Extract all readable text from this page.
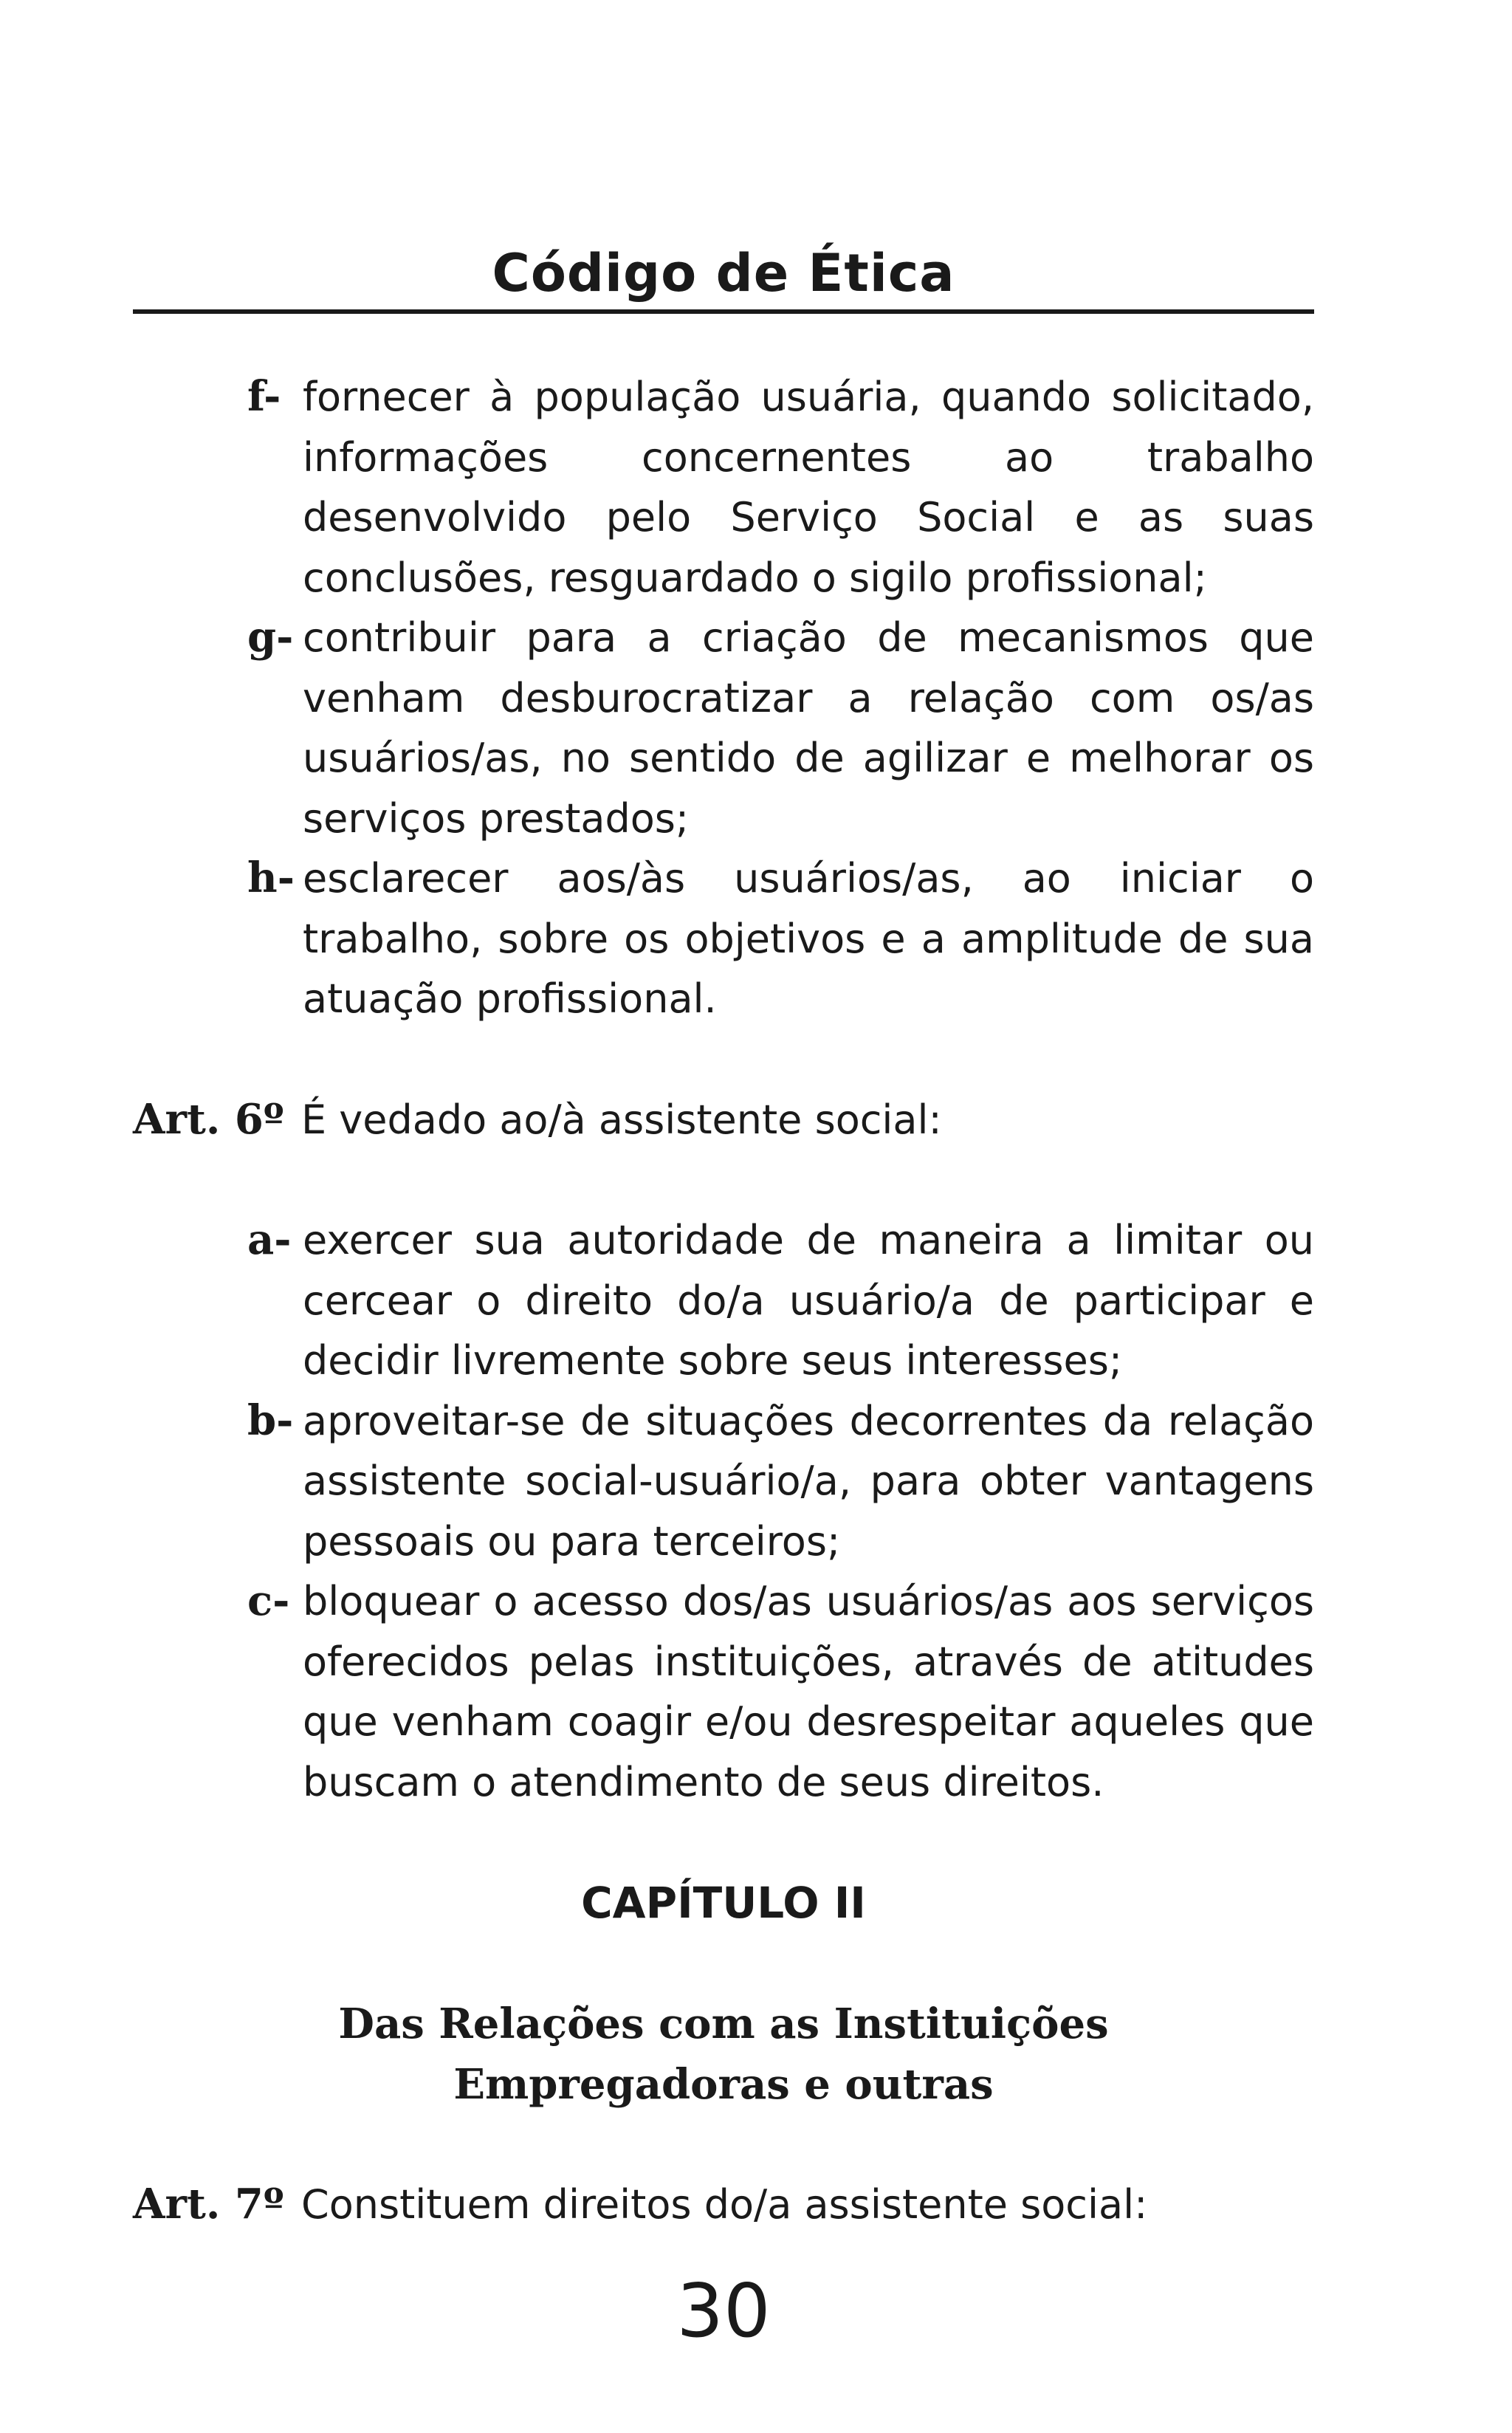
Código de Ética
f- fornecer à população usuária, quando solicitado, informações concernentes ao trabalho desenvolvido pelo Serviço Social e as suas conclusões, resguardado o sigilo profissional;
g- contribuir para a criação de mecanismos que venham desburocratizar a relação com os/as usuários/as, no sentido de agilizar e melhorar os serviços prestados;
h- esclarecer aos/às usuários/as, ao iniciar o trabalho, sobre os objetivos e a amplitude de sua atuação profissional.
Art. 6º É vedado ao/à assistente social:
a- exercer sua autoridade de maneira a limitar ou cercear o direito do/a usuário/a de participar e decidir livremente sobre seus interesses;
b- aproveitar-se de situações decorrentes da relação assistente social-usuário/a, para obter vantagens pessoais ou para terceiros;
c- bloquear o acesso dos/as usuários/as aos serviços oferecidos pelas instituições, através de atitudes que venham coagir e/ou desrespeitar aqueles que buscam o atendimento de seus direitos.
CAPÍTULO II
Das Relações com as Instituições
Empregadoras e outras
Art. 7º Constituem direitos do/a assistente social:
30
